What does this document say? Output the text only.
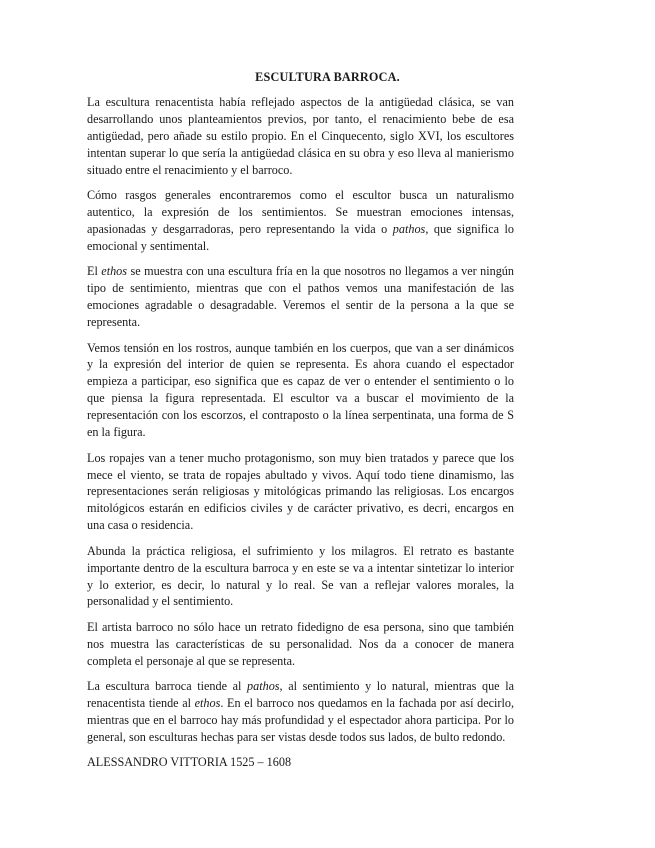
ESCULTURA BARROCA.

La escultura renacentista había reflejado aspectos de la antigüedad clásica, se van desarrollando unos planteamientos previos, por tanto, el renacimiento bebe de esa antigüedad, pero añade su estilo propio. En el Cinquecento, siglo XVI, los escultores intentan superar lo que sería la antigüedad clásica en su obra y eso lleva al manierismo situado entre el renacimiento y el barroco.

Cómo rasgos generales encontraremos como el escultor busca un naturalismo autentico, la expresión de los sentimientos. Se muestran emociones intensas, apasionadas y desgarradoras, pero representando la vida o pathos, que significa lo emocional y sentimental.

El ethos se muestra con una escultura fría en la que nosotros no llegamos a ver ningún tipo de sentimiento, mientras que con el pathos vemos una manifestación de las emociones agradable o desagradable. Veremos el sentir de la persona a la que se representa.

Vemos tensión en los rostros, aunque también en los cuerpos, que van a ser dinámicos y la expresión del interior de quien se representa. Es ahora cuando el espectador empieza a participar, eso significa que es capaz de ver o entender el sentimiento o lo que piensa la figura representada. El escultor va a buscar el movimiento de la representación con los escorzos, el contraposto o la línea serpentinata, una forma de S en la figura.

Los ropajes van a tener mucho protagonismo, son muy bien tratados y parece que los mece el viento, se trata de ropajes abultado y vivos. Aquí todo tiene dinamismo, las representaciones serán religiosas y mitológicas primando las religiosas. Los encargos mitológicos estarán en edificios civiles y de carácter privativo, es decri, encargos en una casa o residencia.

Abunda la práctica religiosa, el sufrimiento y los milagros. El retrato es bastante importante dentro de la escultura barroca y en este se va a intentar sintetizar lo interior y lo exterior, es decir, lo natural y lo real. Se van a reflejar valores morales, la personalidad y el sentimiento.

El artista barroco no sólo hace un retrato fidedigno de esa persona, sino que también nos muestra las características de su personalidad. Nos da a conocer de manera completa el personaje al que se representa.

La escultura barroca tiende al pathos, al sentimiento y lo natural, mientras que la renacentista tiende al ethos. En el barroco nos quedamos en la fachada por así decirlo, mientras que en el barroco hay más profundidad y el espectador ahora participa. Por lo general, son esculturas hechas para ser vistas desde todos sus lados, de bulto redondo.

ALESSANDRO VITTORIA 1525 – 1608
